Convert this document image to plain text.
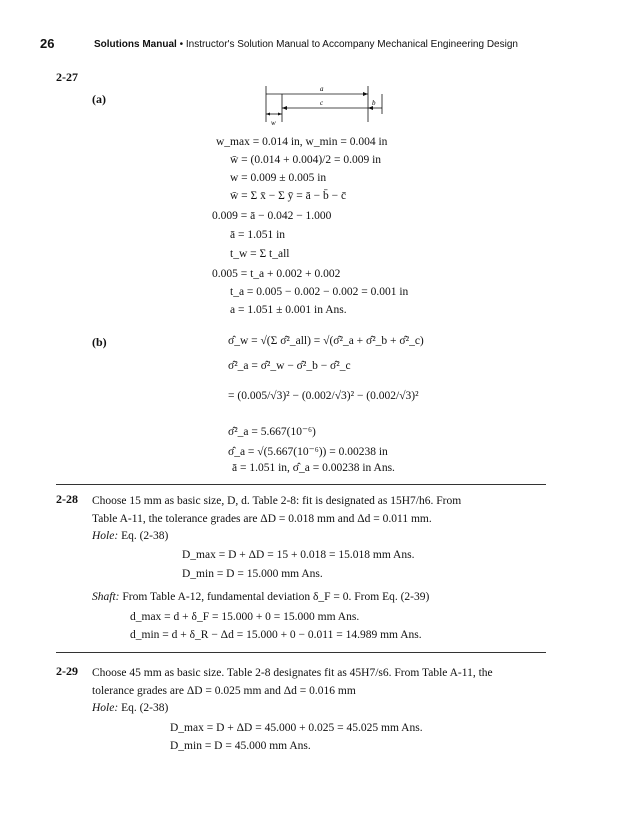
26	Solutions Manual • Instructor's Solution Manual to Accompany Mechanical Engineering Design
2-27
(a)
a
c	b
w
w_max = 0.014 in, w_min = 0.004 in
w̄ = (0.014 + 0.004)/2 = 0.009 in
w = 0.009 ± 0.005 in
w̄ = Σ x̄ − Σ ȳ = ā − b̄ − c̄
0.009 = ā − 0.042 − 1.000
ā = 1.051 in
t_w = Σ t_all
0.005 = t_a + 0.002 + 0.002
t_a = 0.005 − 0.002 − 0.002 = 0.001 in
a = 1.051 ± 0.001 in Ans.
(b)	σ̂_w = √(Σ σ̂²_all) = √(σ̂²_a + σ̂²_b + σ̂²_c)
σ̂²_a = σ̂²_w − σ̂²_b − σ̂²_c
= (0.005/√3)² − (0.002/√3)² − (0.002/√3)²
σ̂²_a = 5.667(10⁻⁶)
σ̂_a = √(5.667(10⁻⁶)) = 0.00238 in
ā = 1.051 in, σ̂_a = 0.00238 in Ans.
2-28 Choose 15 mm as basic size, D, d. Table 2-8: fit is designated as 15H7/h6. From
Table A-11, the tolerance grades are ΔD = 0.018 mm and Δd = 0.011 mm.
Hole: Eq. (2-38)
D_max = D + ΔD = 15 + 0.018 = 15.018 mm Ans.
D_min = D = 15.000 mm Ans.
Shaft: From Table A-12, fundamental deviation δ_F = 0. From Eq. (2-39)
d_max = d + δ_F = 15.000 + 0 = 15.000 mm Ans.
d_min = d + δ_R − Δd = 15.000 + 0 − 0.011 = 14.989 mm Ans.
2-29 Choose 45 mm as basic size. Table 2-8 designates fit as 45H7/s6. From Table A-11, the
tolerance grades are ΔD = 0.025 mm and Δd = 0.016 mm
Hole: Eq. (2-38)
D_max = D + ΔD = 45.000 + 0.025 = 45.025 mm Ans.
D_min = D = 45.000 mm Ans.
